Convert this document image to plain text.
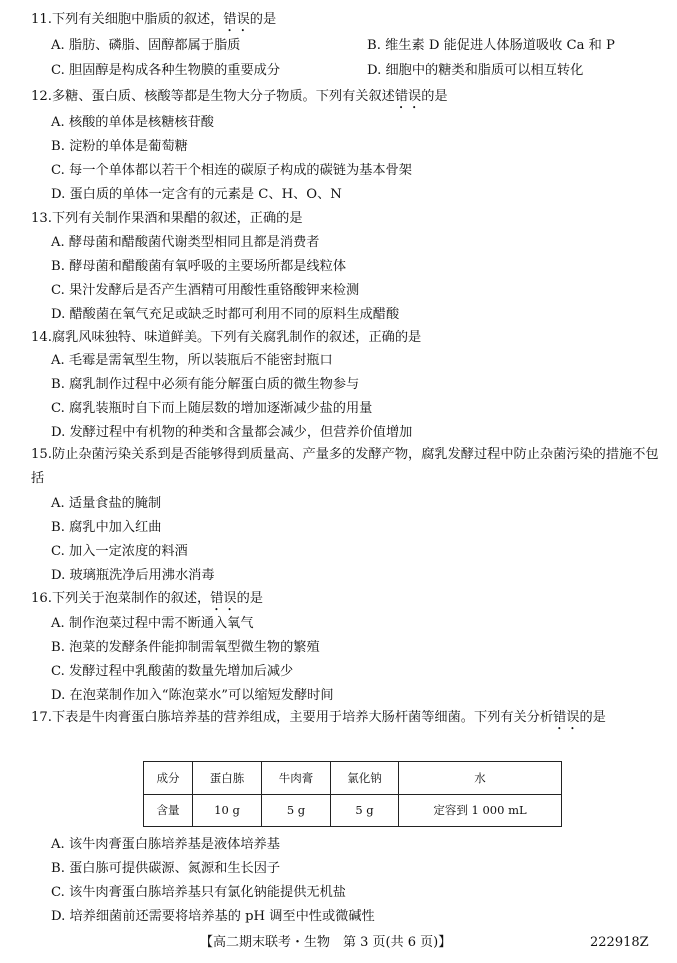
11.下列有关细胞中脂质的叙述，错误的是
A. 脂肪、磷脂、固醇都属于脂质	B. 维生素 D 能促进人体肠道吸收 Ca 和 P
C. 胆固醇是构成各种生物膜的重要成分	D. 细胞中的糖类和脂质可以相互转化
12.多糖、蛋白质、核酸等都是生物大分子物质。下列有关叙述错误的是
A. 核酸的单体是核糖核苷酸
B. 淀粉的单体是葡萄糖
C. 每一个单体都以若干个相连的碳原子构成的碳链为基本骨架
D. 蛋白质的单体一定含有的元素是 C、H、O、N
13.下列有关制作果酒和果醋的叙述，正确的是
A. 酵母菌和醋酸菌代谢类型相同且都是消费者
B. 酵母菌和醋酸菌有氧呼吸的主要场所都是线粒体
C. 果汁发酵后是否产生酒精可用酸性重铬酸钾来检测
D. 醋酸菌在氧气充足或缺乏时都可利用不同的原料生成醋酸
14.腐乳风味独特、味道鲜美。下列有关腐乳制作的叙述，正确的是
A. 毛霉是需氧型生物，所以装瓶后不能密封瓶口
B. 腐乳制作过程中必须有能分解蛋白质的微生物参与
C. 腐乳装瓶时自下而上随层数的增加逐渐减少盐的用量
D. 发酵过程中有机物的种类和含量都会减少，但营养价值增加
15.防止杂菌污染关系到是否能够得到质量高、产量多的发酵产物，腐乳发酵过程中防止杂菌污染的措施不包括
A. 适量食盐的腌制
B. 腐乳中加入红曲
C. 加入一定浓度的料酒
D. 玻璃瓶洗净后用沸水消毒
16.下列关于泡菜制作的叙述，错误的是
A. 制作泡菜过程中需不断通入氧气
B. 泡菜的发酵条件能抑制需氧型微生物的繁殖
C. 发酵过程中乳酸菌的数量先增加后减少
D. 在泡菜制作加入“陈泡菜水”可以缩短发酵时间
17.下表是牛肉膏蛋白胨培养基的营养组成，主要用于培养大肠杆菌等细菌。下列有关分析错误的是
成分	蛋白胨	牛肉膏	氯化钠	水
含量	10 g	5 g	5 g	定容到 1 000 mL
A. 该牛肉膏蛋白胨培养基是液体培养基
B. 蛋白胨可提供碳源、氮源和生长因子
C. 该牛肉膏蛋白胨培养基只有氯化钠能提供无机盐
D. 培养细菌前还需要将培养基的 pH 调至中性或微碱性
【高二期末联考・生物　第 3 页(共 6 页)】	222918Z
